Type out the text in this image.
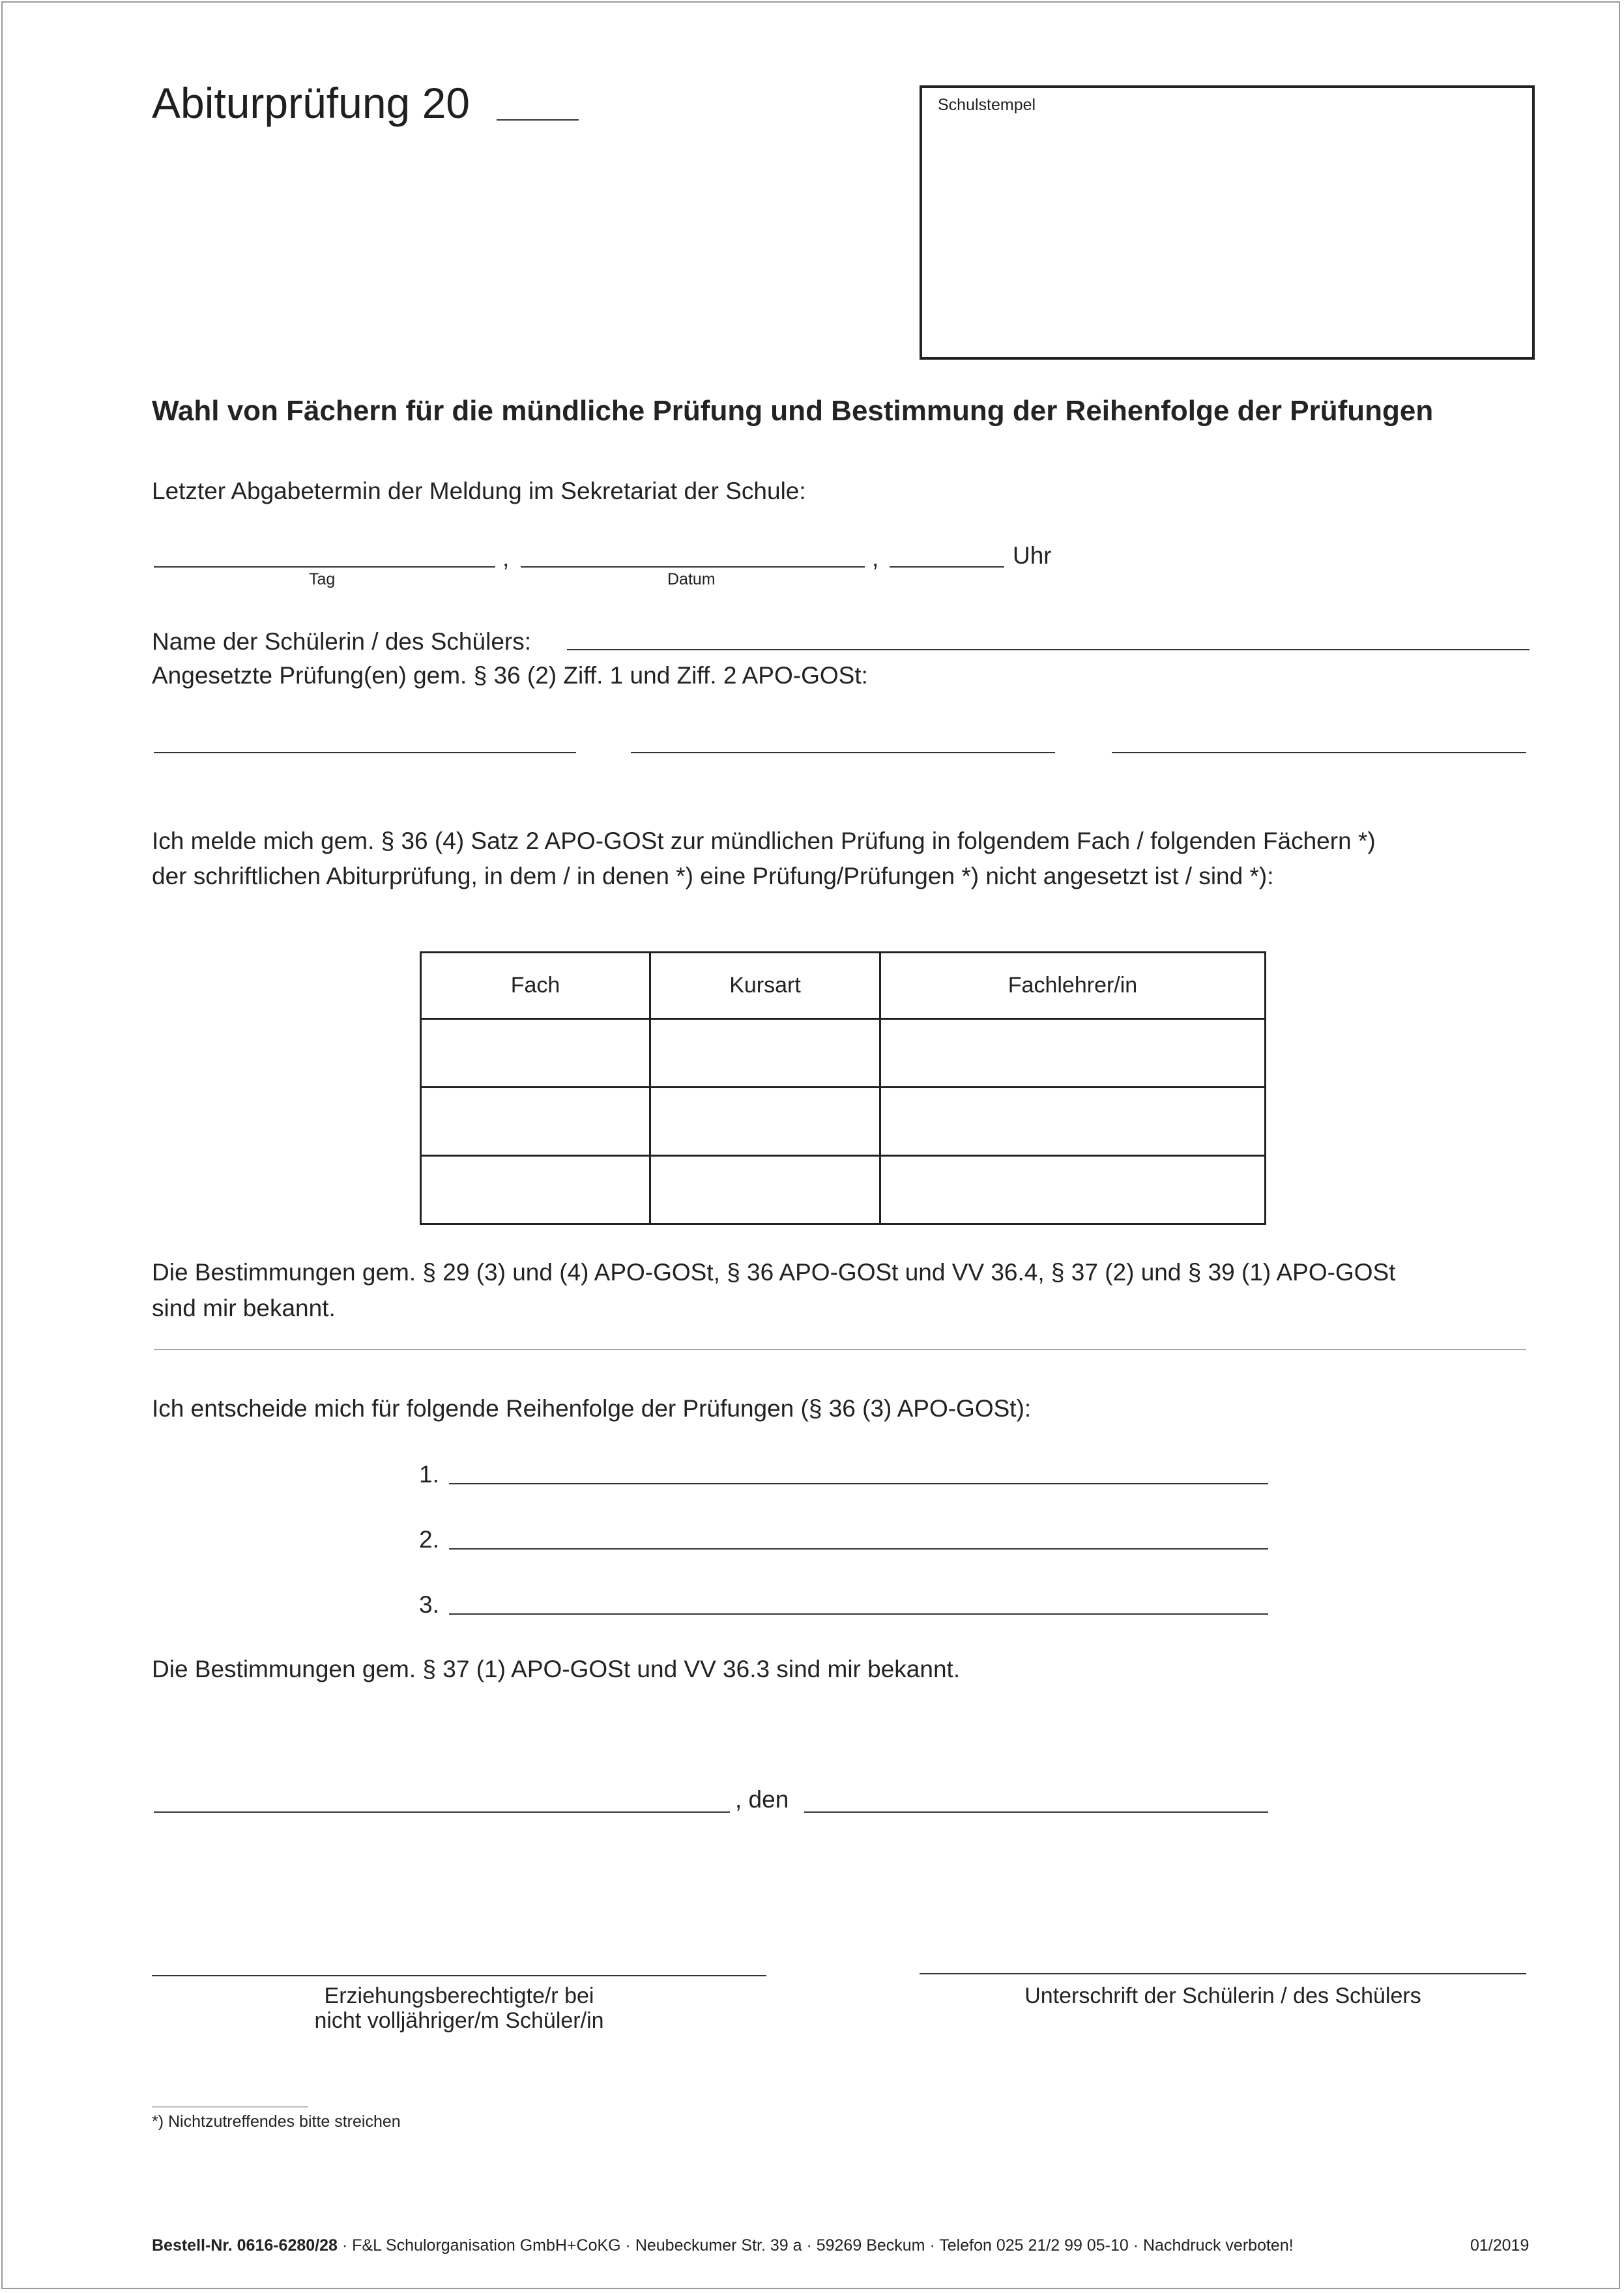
Abiturprüfung 20	Schulstempel
Wahl von Fächern für die mündliche Prüfung und Bestimmung der Reihenfolge der Prüfungen
Letzter Abgabetermin der Meldung im Sekretariat der Schule:
,	,	Uhr
Tag	Datum
Name der Schülerin / des Schülers:
Angesetzte Prüfung(en) gem. § 36 (2) Ziff. 1 und Ziff. 2 APO-GOSt:
Ich melde mich gem. § 36 (4) Satz 2 APO-GOSt zur mündlichen Prüfung in folgendem Fach / folgenden Fächern *)
der schriftlichen Abiturprüfung, in dem / in denen *) eine Prüfung/Prüfungen *) nicht angesetzt ist / sind *):
Fach	Kursart	Fachlehrer/in

Die Bestimmungen gem. § 29 (3) und (4) APO-GOSt, § 36 APO-GOSt und VV 36.4, § 37 (2) und § 39 (1) APO-GOSt
sind mir bekannt.
Ich entscheide mich für folgende Reihenfolge der Prüfungen (§ 36 (3) APO-GOSt):
1.
2.
3.
Die Bestimmungen gem. § 37 (1) APO-GOSt und VV 36.3 sind mir bekannt.
, den
Erziehungsberechtigte/r bei
nicht volljähriger/m Schüler/in
Unterschrift der Schülerin / des Schülers
*) Nichtzutreffendes bitte streichen
Bestell-Nr. 0616-6280/28 · F&L Schulorganisation GmbH+CoKG · Neubeckumer Str. 39 a · 59269 Beckum · Telefon 025 21/2 99 05-10 · Nachdruck verboten!	01/2019
